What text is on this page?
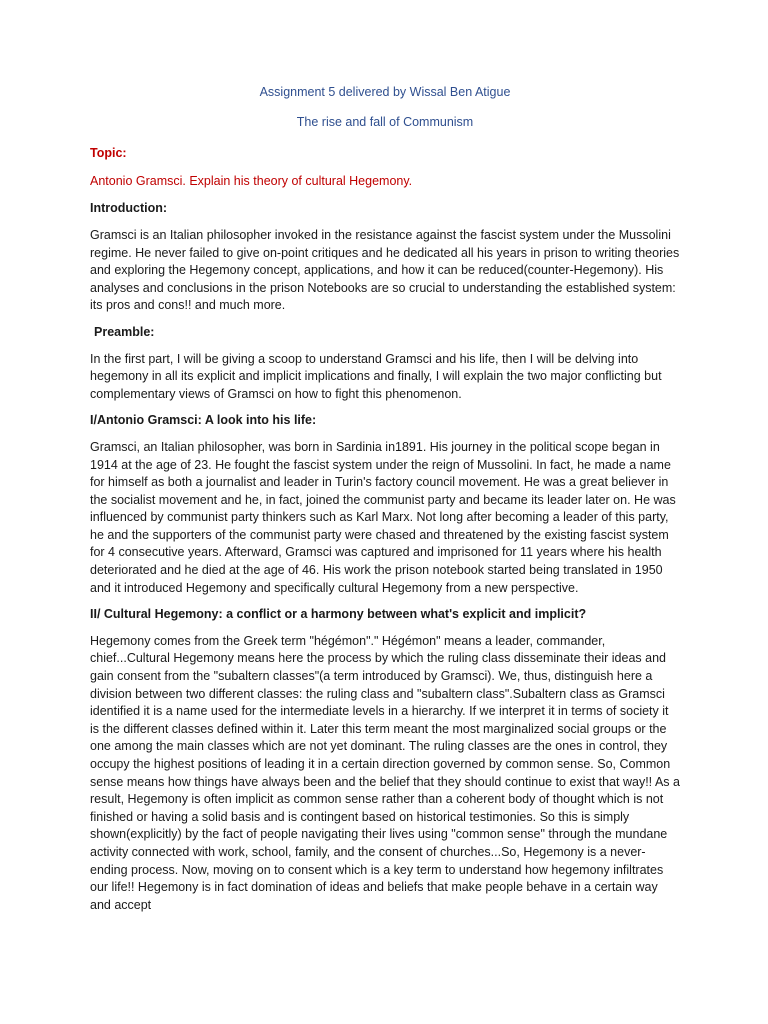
Assignment 5 delivered by Wissal Ben Atigue
The rise and fall of Communism
Topic:
Antonio Gramsci. Explain his theory of cultural Hegemony.
Introduction:

Gramsci is an Italian philosopher invoked in the resistance against the fascist system under the Mussolini regime. He never failed to give on-point critiques and he dedicated all his years in prison to writing theories and exploring the Hegemony concept, applications, and how it can be reduced(counter-Hegemony). His analyses and conclusions in the prison Notebooks are so crucial to understanding the established system: its pros and cons!! and much more.

Preamble:

In the first part, I will be giving a scoop to understand Gramsci and his life, then I will be delving into hegemony in all its explicit and implicit implications and finally, I will explain the two major conflicting but complementary views of Gramsci on how to fight this phenomenon.

I/Antonio Gramsci: A look into his life:

Gramsci, an Italian philosopher, was born in Sardinia in1891. His journey in the political scope began in 1914 at the age of 23. He fought the fascist system under the reign of Mussolini. In fact, he made a name for himself as both a journalist and leader in Turin's factory council movement. He was a great believer in the socialist movement and he, in fact, joined the communist party and became its leader later on. He was influenced by communist party thinkers such as Karl Marx. Not long after becoming a leader of this party, he and the supporters of the communist party were chased and threatened by the existing fascist system for 4 consecutive years. Afterward, Gramsci was captured and imprisoned for 11 years where his health deteriorated and he died at the age of 46. His work the prison notebook started being translated in 1950 and it introduced Hegemony and specifically cultural Hegemony from a new perspective.

II/ Cultural Hegemony: a conflict or a harmony between what's explicit and implicit?

Hegemony comes from the Greek term "hégémon"." Hégémon" means a leader, commander, chief...Cultural Hegemony means here the process by which the ruling class disseminate their ideas and gain consent from the "subaltern classes"(a term introduced by Gramsci). We, thus, distinguish here a division between two different classes: the ruling class and "subaltern class".Subaltern class as Gramsci identified it is a name used for the intermediate levels in a hierarchy. If we interpret it in terms of society it is the different classes defined within it. Later this term meant the most marginalized social groups or the one among the main classes which are not yet dominant. The ruling classes are the ones in control, they occupy the highest positions of leading it in a certain direction governed by common sense. So, Common sense means how things have always been and the belief that they should continue to exist that way!! As a result, Hegemony is often implicit as common sense rather than a coherent body of thought which is not finished or having a solid basis and is contingent based on historical testimonies. So this is simply shown(explicitly) by the fact of people navigating their lives using "common sense" through the mundane activity connected with work, school, family, and the consent of churches...So, Hegemony is a never-ending process. Now, moving on to consent which is a key term to understand how hegemony infiltrates our life!! Hegemony is in fact domination of ideas and beliefs that make people behave in a certain way and accept
